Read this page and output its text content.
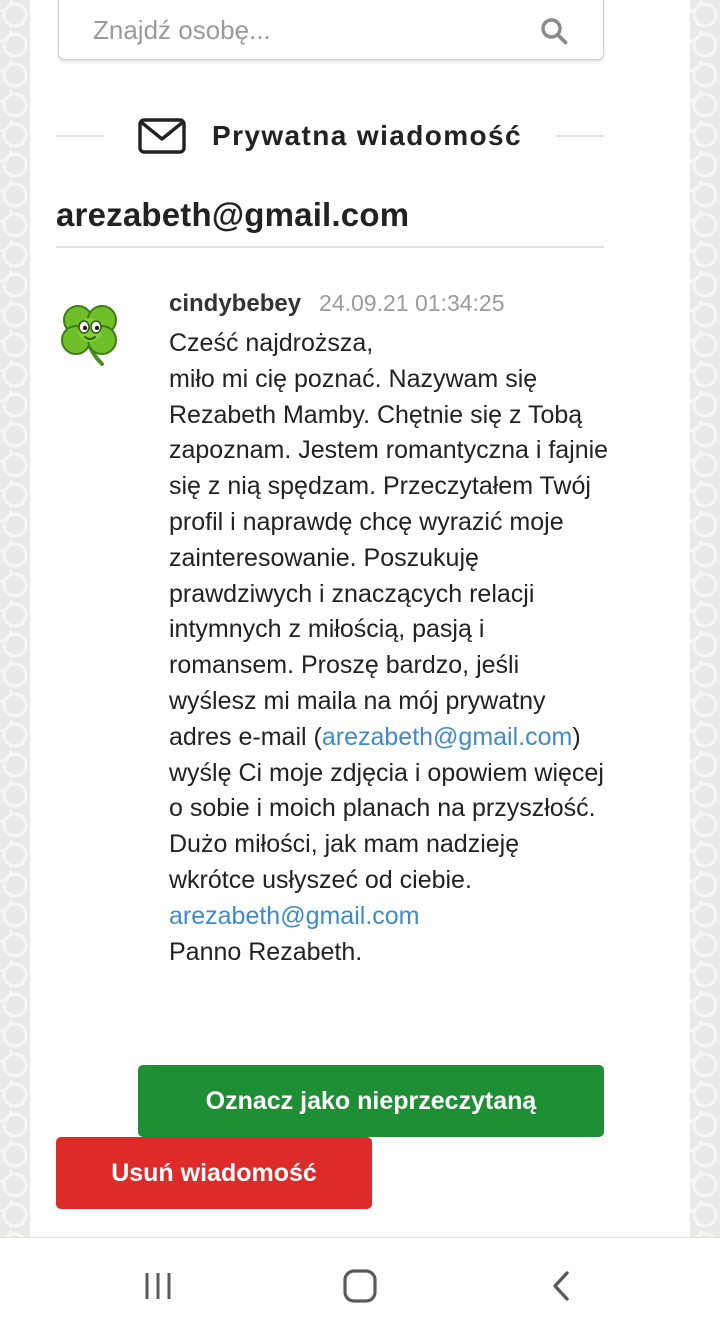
Znajdź osobę...
Prywatna wiadomość
arezabeth@gmail.com
cindybebey 24.09.21 01:34:25

Cześć najdroższa,

miło mi cię poznać. Nazywam się Rezabeth Mamby. Chętnie się z Tobą zapoznam. Jestem romantyczna i fajnie się z nią spędzam. Przeczytałem Twój profil i naprawdę chcę wyrazić moje zainteresowanie. Poszukuję prawdziwych i znaczących relacji intymnych z miłością, pasją i romansem. Proszę bardzo, jeśli wyślesz mi maila na mój prywatny adres e-mail (arezabeth@gmail.com) wyślę Ci moje zdjęcia i opowiem więcej o sobie i moich planach na przyszłość. Dużo miłości, jak mam nadzieję wkrótce usłyszeć od ciebie.

arezabeth@gmail.com

Panno Rezabeth.

Oznacz jako nieprzeczytaną
Usuń wiadomość
